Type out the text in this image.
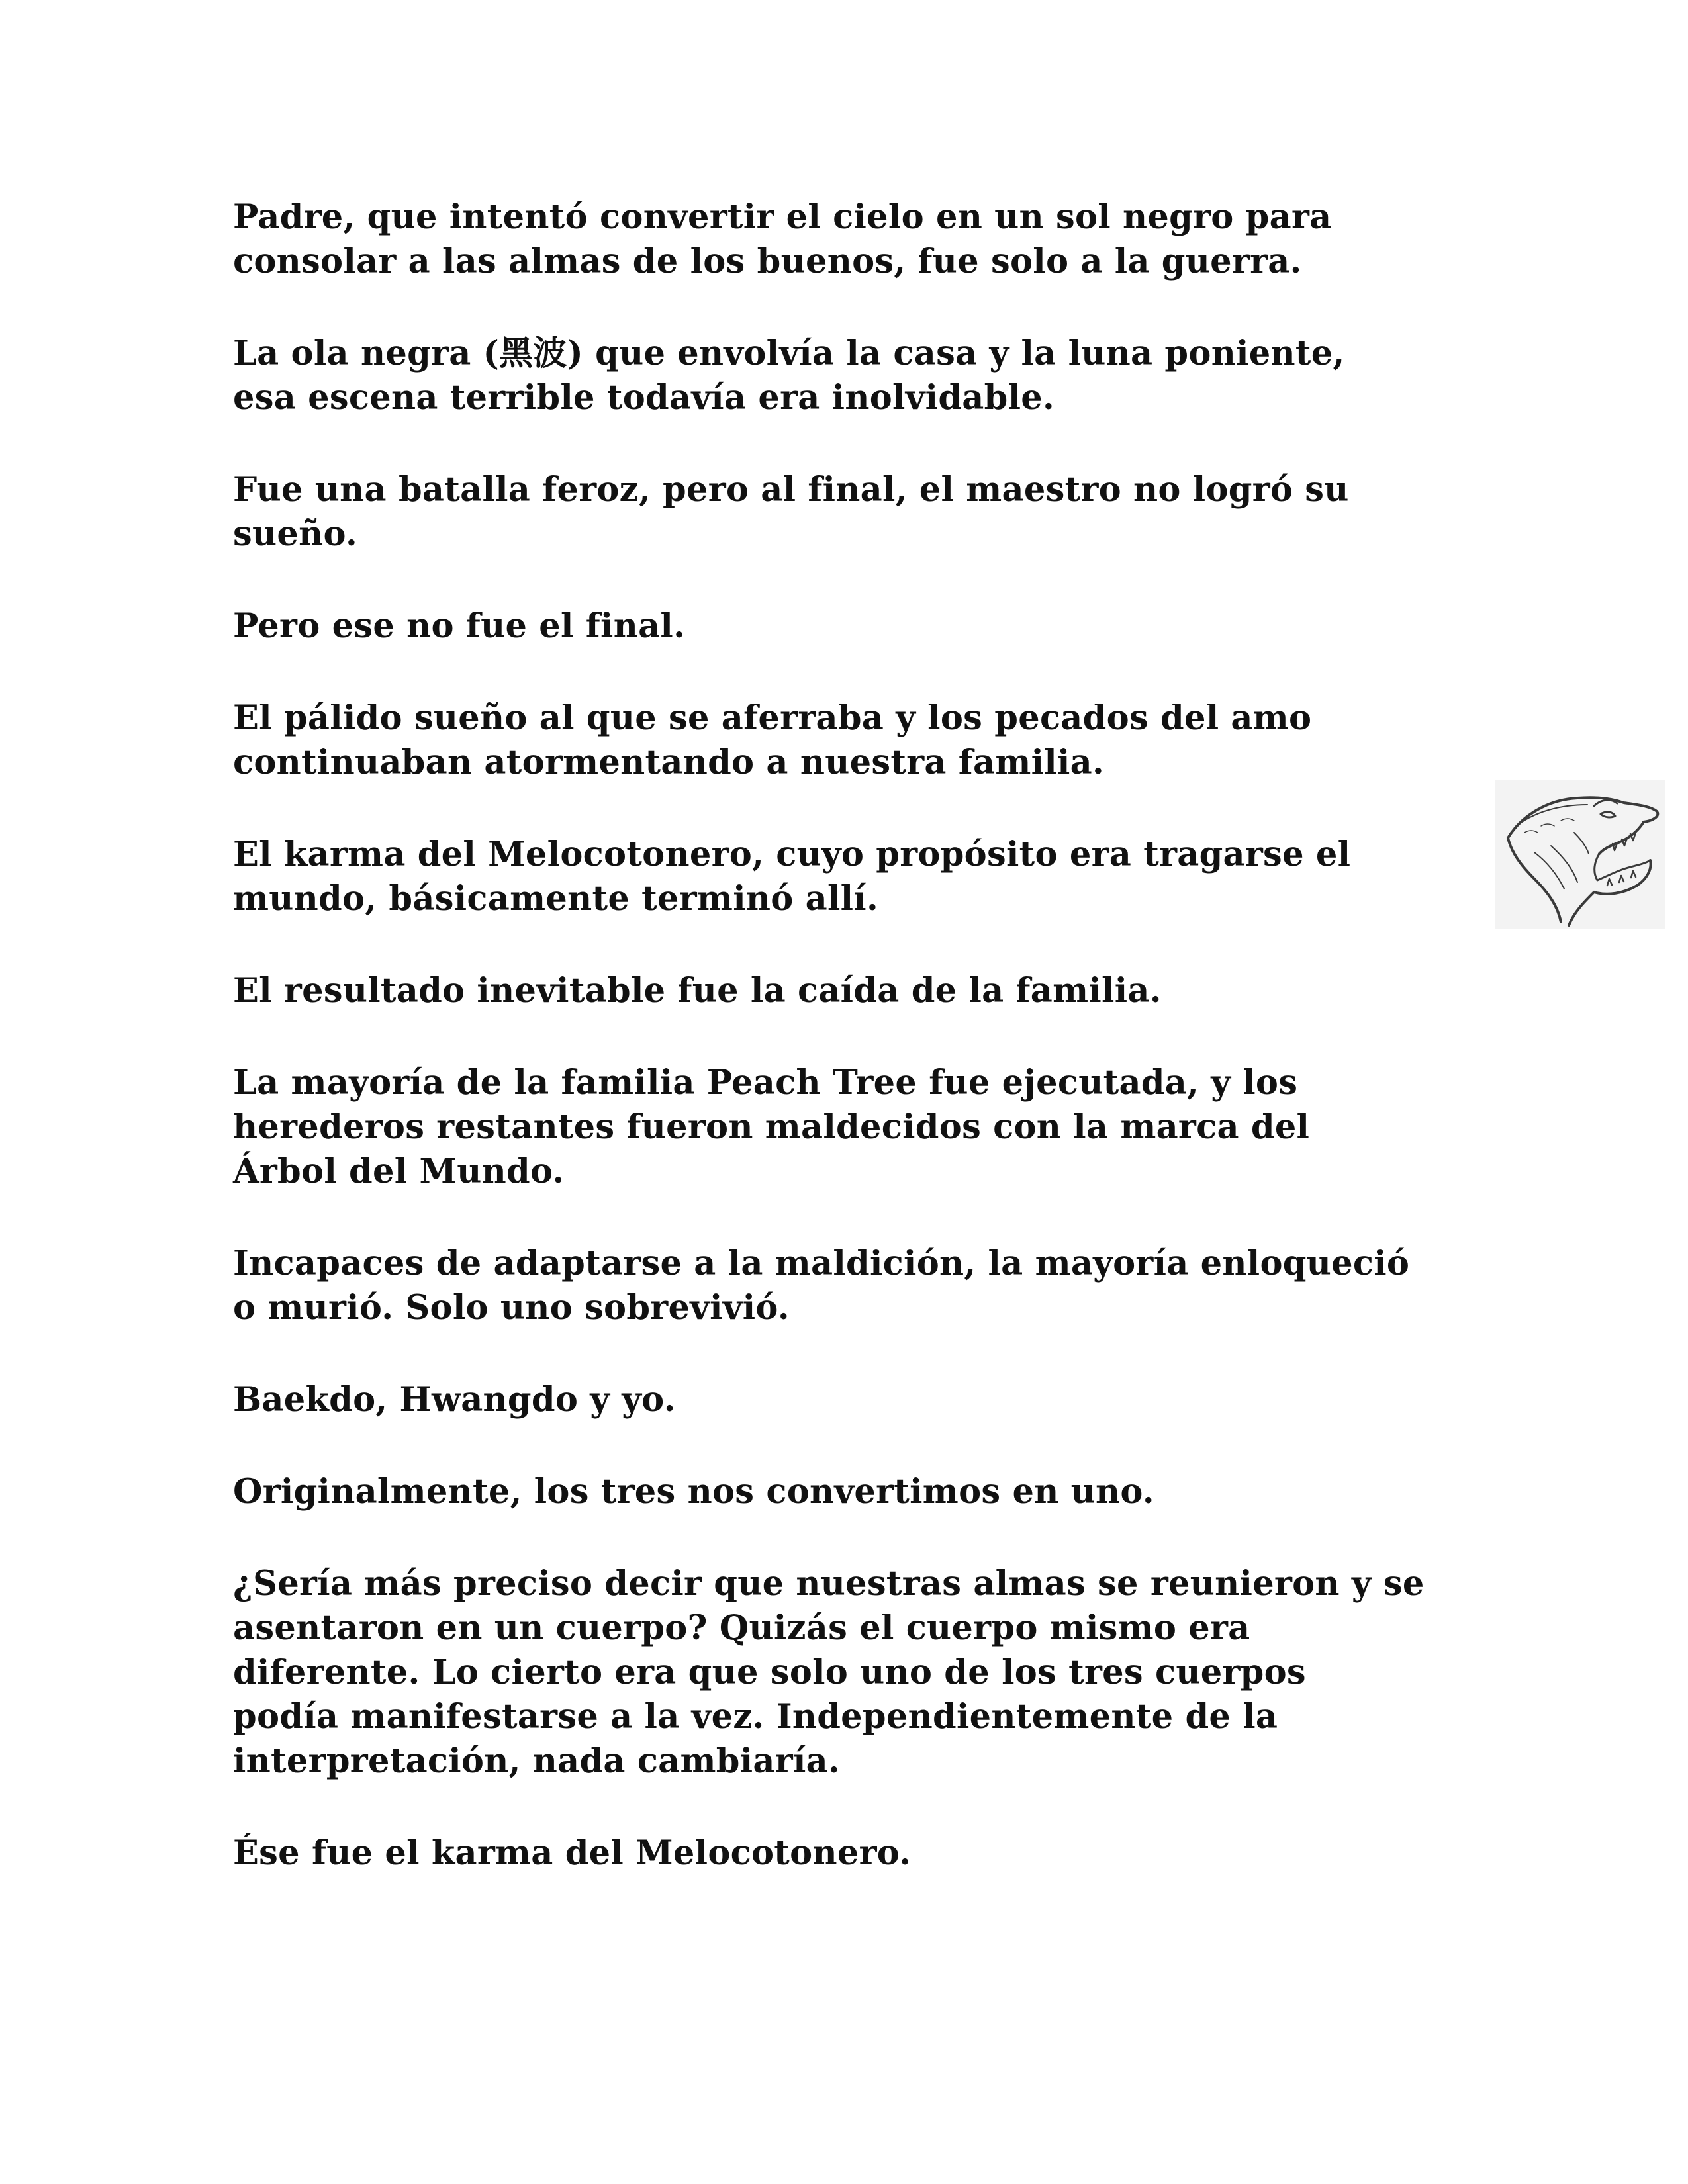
Padre, que intentó convertir el cielo en un sol negro para
consolar a las almas de los buenos, fue solo a la guerra.

La ola negra (黑波) que envolvía la casa y la luna poniente,
esa escena terrible todavía era inolvidable.

Fue una batalla feroz, pero al final, el maestro no logró su
sueño.

Pero ese no fue el final.

El pálido sueño al que se aferraba y los pecados del amo
continuaban atormentando a nuestra familia.

El karma del Melocotonero, cuyo propósito era tragarse el
mundo, básicamente terminó allí.

El resultado inevitable fue la caída de la familia.

La mayoría de la familia Peach Tree fue ejecutada, y los
herederos restantes fueron maldecidos con la marca del
Árbol del Mundo.

Incapaces de adaptarse a la maldición, la mayoría enloqueció
o murió. Solo uno sobrevivió.

Baekdo, Hwangdo y yo.

Originalmente, los tres nos convertimos en uno.

¿Sería más preciso decir que nuestras almas se reunieron y se
asentaron en un cuerpo? Quizás el cuerpo mismo era
diferente. Lo cierto era que solo uno de los tres cuerpos
podía manifestarse a la vez. Independientemente de la
interpretación, nada cambiaría.

Ése fue el karma del Melocotonero.
